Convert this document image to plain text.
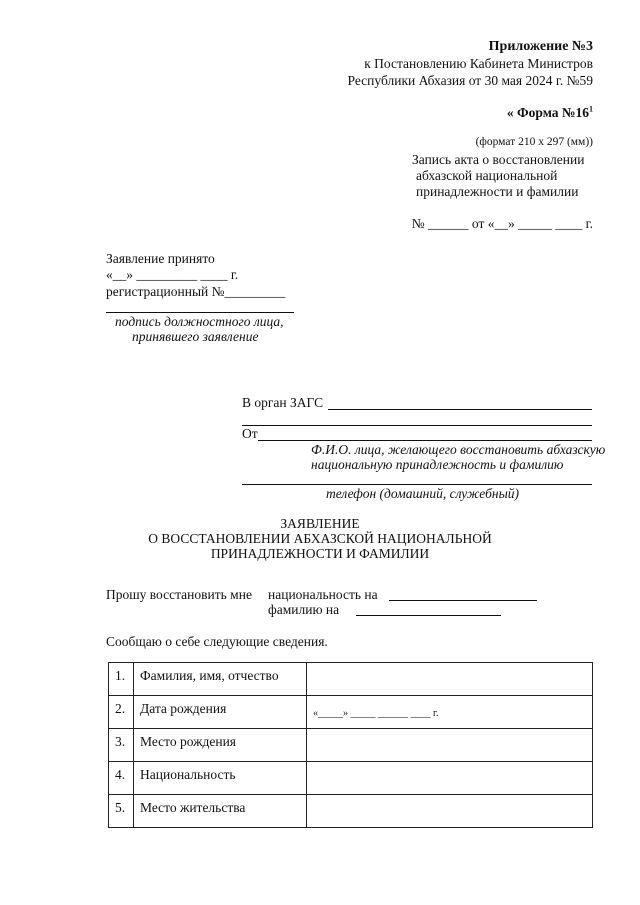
Приложение №3
к Постановлению Кабинета Министров
Республики Абхазия от 30 мая 2024 г. №59
« Форма $№16^1$
(формат 210 х 297 (мм))
Запись акта о восстановлении
абхазской национальной
принадлежности и фамилии
№ ______ от «__» _____ ____ г.
Заявление принято
«__» _________ ____ г.
регистрационный №_________
подпись должностного лица,
принявшего заявление
В орган ЗАГС
От
Ф.И.О. лица, желающего восстановить абхазскую
национальную принадлежность и фамилию
телефон (домашний, служебный)
ЗАЯВЛЕНИЕ
О ВОССТАНОВЛЕНИИ АБХАЗСКОЙ НАЦИОНАЛЬНОЙ
ПРИНАДЛЕЖНОСТИ И ФАМИЛИИ
Прошу восстановить мне национальность на
фамилию на
Сообщаю о себе следующие сведения.
1.	Фамилия, имя, отчество	
2.	Дата рождения	«_____» _____ ______ ____ г.

3.	Место рождения	
4.	Национальность	
5.	Место жительства	
